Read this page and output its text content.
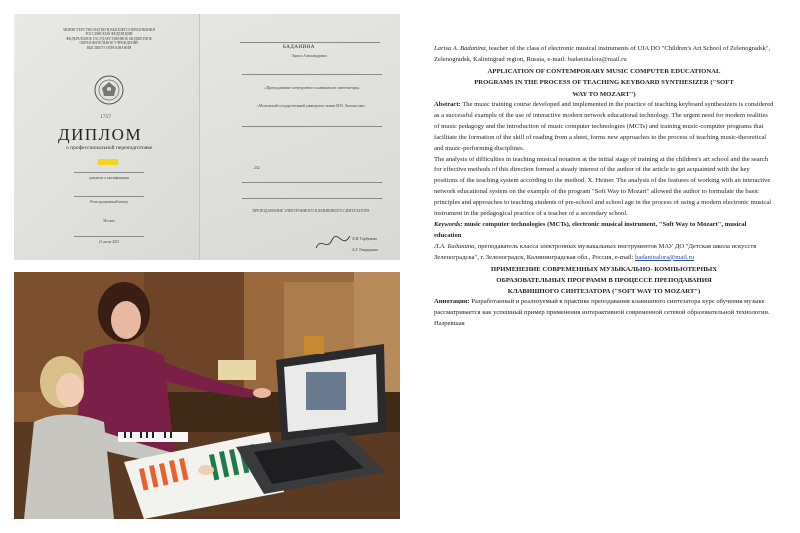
МИНИСТЕРСТВО НАУКИ И ВЫСШЕГО ОБРАЗОВАНИЯ
РОССИЙСКОЙ ФЕДЕРАЦИИ
ФЕДЕРАЛЬНОЕ ГОСУДАРСТВЕННОЕ БЮДЖЕТНОЕ
ОБРАЗОВАТЕЛЬНОЕ УЧРЕЖДЕНИЕ
ВЫСШЕГО ОБРАЗОВАНИЯ
1757
ДИПЛОМ
о профессиональной переподготовке
документ о квалификации
Регистрационный номер
Москва
21 июля 2021
БАДАНИНА
Лариса Александровна
«Преподавание электронного клавишного синтезатора»
«Московский государственный университет имени М.В. Ломоносова»
252
ПРЕПОДАВАНИЕ ЭЛЕКТРОННОГО КЛАВИШНОГО СИНТЕЗАТОРА
Л.Н. Горбунова
А.Г. Гендидских

Larisa A. Badanina, teacher of the class of electronic musical instruments of UIA DO "Children's Art School of Zelenogradsk", Zelenogradsk, Kaliningrad region, Russia, e-mail: badaninalora@mail.ru

APPLICATION OF CONTEMPORARY MUSIC COMPUTER EDUCATIONAL PROGRAMS IN THE PROCESS OF TEACHING KEYBOARD SYNTHESIZER ("SOFT WAY TO MOZART")

Abstract: The music training course developed and implemented in the practice of teaching keyboard synthesizers is considered as a successful example of the use of interactive modern network educational technology. The urgent need for modern realities of music pedagogy and the introduction of music computer technologies (MCTs) and training music-computer programs that facilitate the formation of the skill of reading from a sheet, forms new approaches to the process of teaching music-theoretical and music-performing disciplines.

The analysis of difficulties in teaching musical notation at the initial stage of training at the children's art school and the search for effective methods of this direction formed a steady interest of the author of the article to get acquainted with the key positions of the teaching system according to the method. X. Heiner. The analysis of the features of working with an interactive network educational system on the example of the program "Soft Way to Mozart" allowed the author to formulate the basic principles and approaches to teaching students of pre-school and school age in the process of using a modern electronic musical instrument in the pedagogical practice of a teacher of a secondary school.

Keywords: music computer technologies (MCTs), electronic musical instrument, "Soft Way to Mozart", musical education

Л.А. Баданина, преподаватель класса электронных музыкальных инструментов МАУ ДО "Детская школа искусств Зеленоградска", г. Зеленоградск, Калининградская обл., Россия, e-mail: badaninalora@mail.ru

ПРИМЕНЕНИЕ СОВРЕМЕННЫХ МУЗЫКАЛЬНО- КОМПЬЮТЕРНЫХ ОБРАЗОВАТЕЛЬНЫХ ПРОГРАММ В ПРОЦЕССЕ ПРЕПОДАВАНИЯ КЛАВИШНОГО СИНТЕЗАТОРА ("SOFT WAY TO MOZART")

Аннотация: Разработанный и реализуемый в практике преподавания клавишного синтезатора курс обучения музыке рассматривается как успешный пример применения интерактивной современной сетевой образовательной технологии. Назревшая
